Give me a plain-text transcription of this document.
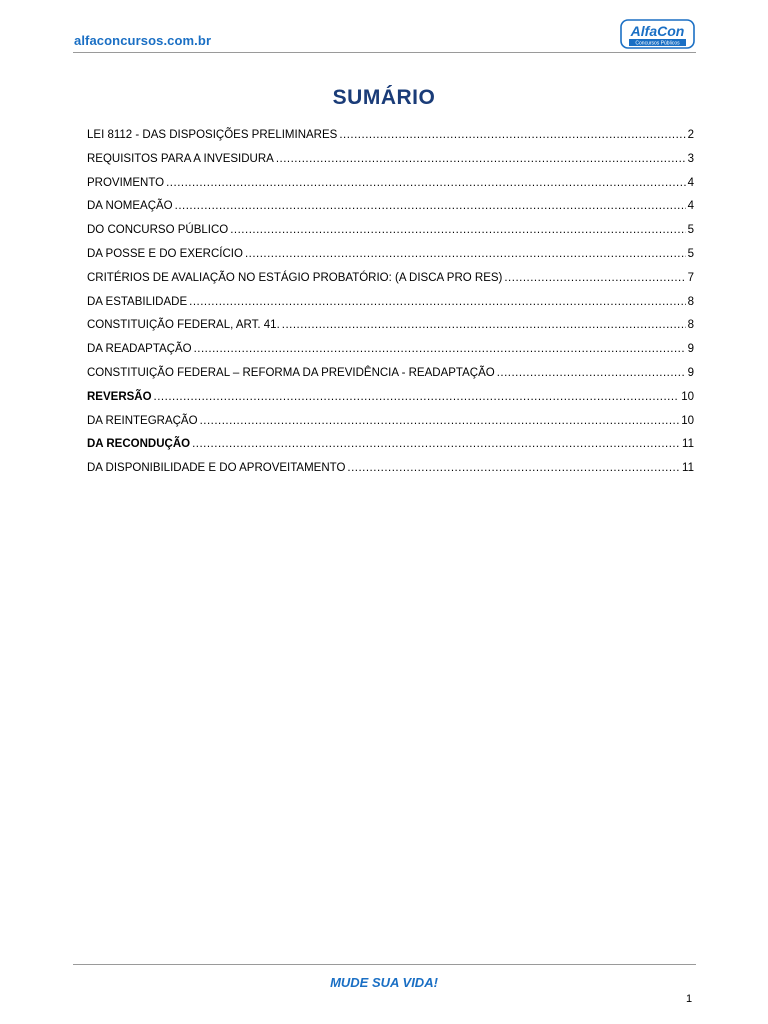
alfaconcursos.com.br
AlfaCon
Concursos Públicos
SUMÁRIO
LEI 8112 - DAS DISPOSIÇÕES PRELIMINARES .....	2
REQUISITOS PARA A INVESIDURA .....	3
PROVIMENTO .....	4
DA NOMEAÇÃO .....	4
DO CONCURSO PÚBLICO .....	5
DA POSSE E DO EXERCÍCIO .....	5
CRITÉRIOS DE AVALIAÇÃO NO ESTÁGIO PROBATÓRIO: (A DISCA PRO RES) .....	7
DA ESTABILIDADE .....	8
CONSTITUIÇÃO FEDERAL, ART. 41. .....	8
DA READAPTAÇÃO .....	9
CONSTITUIÇÃO FEDERAL – REFORMA DA PREVIDÊNCIA - READAPTAÇÃO .....	9
REVERSÃO .....	10
DA REINTEGRAÇÃO .....	10
DA RECONDUÇÃO .....	11
DA DISPONIBILIDADE E DO APROVEITAMENTO .....	11
MUDE SUA VIDA!
1
